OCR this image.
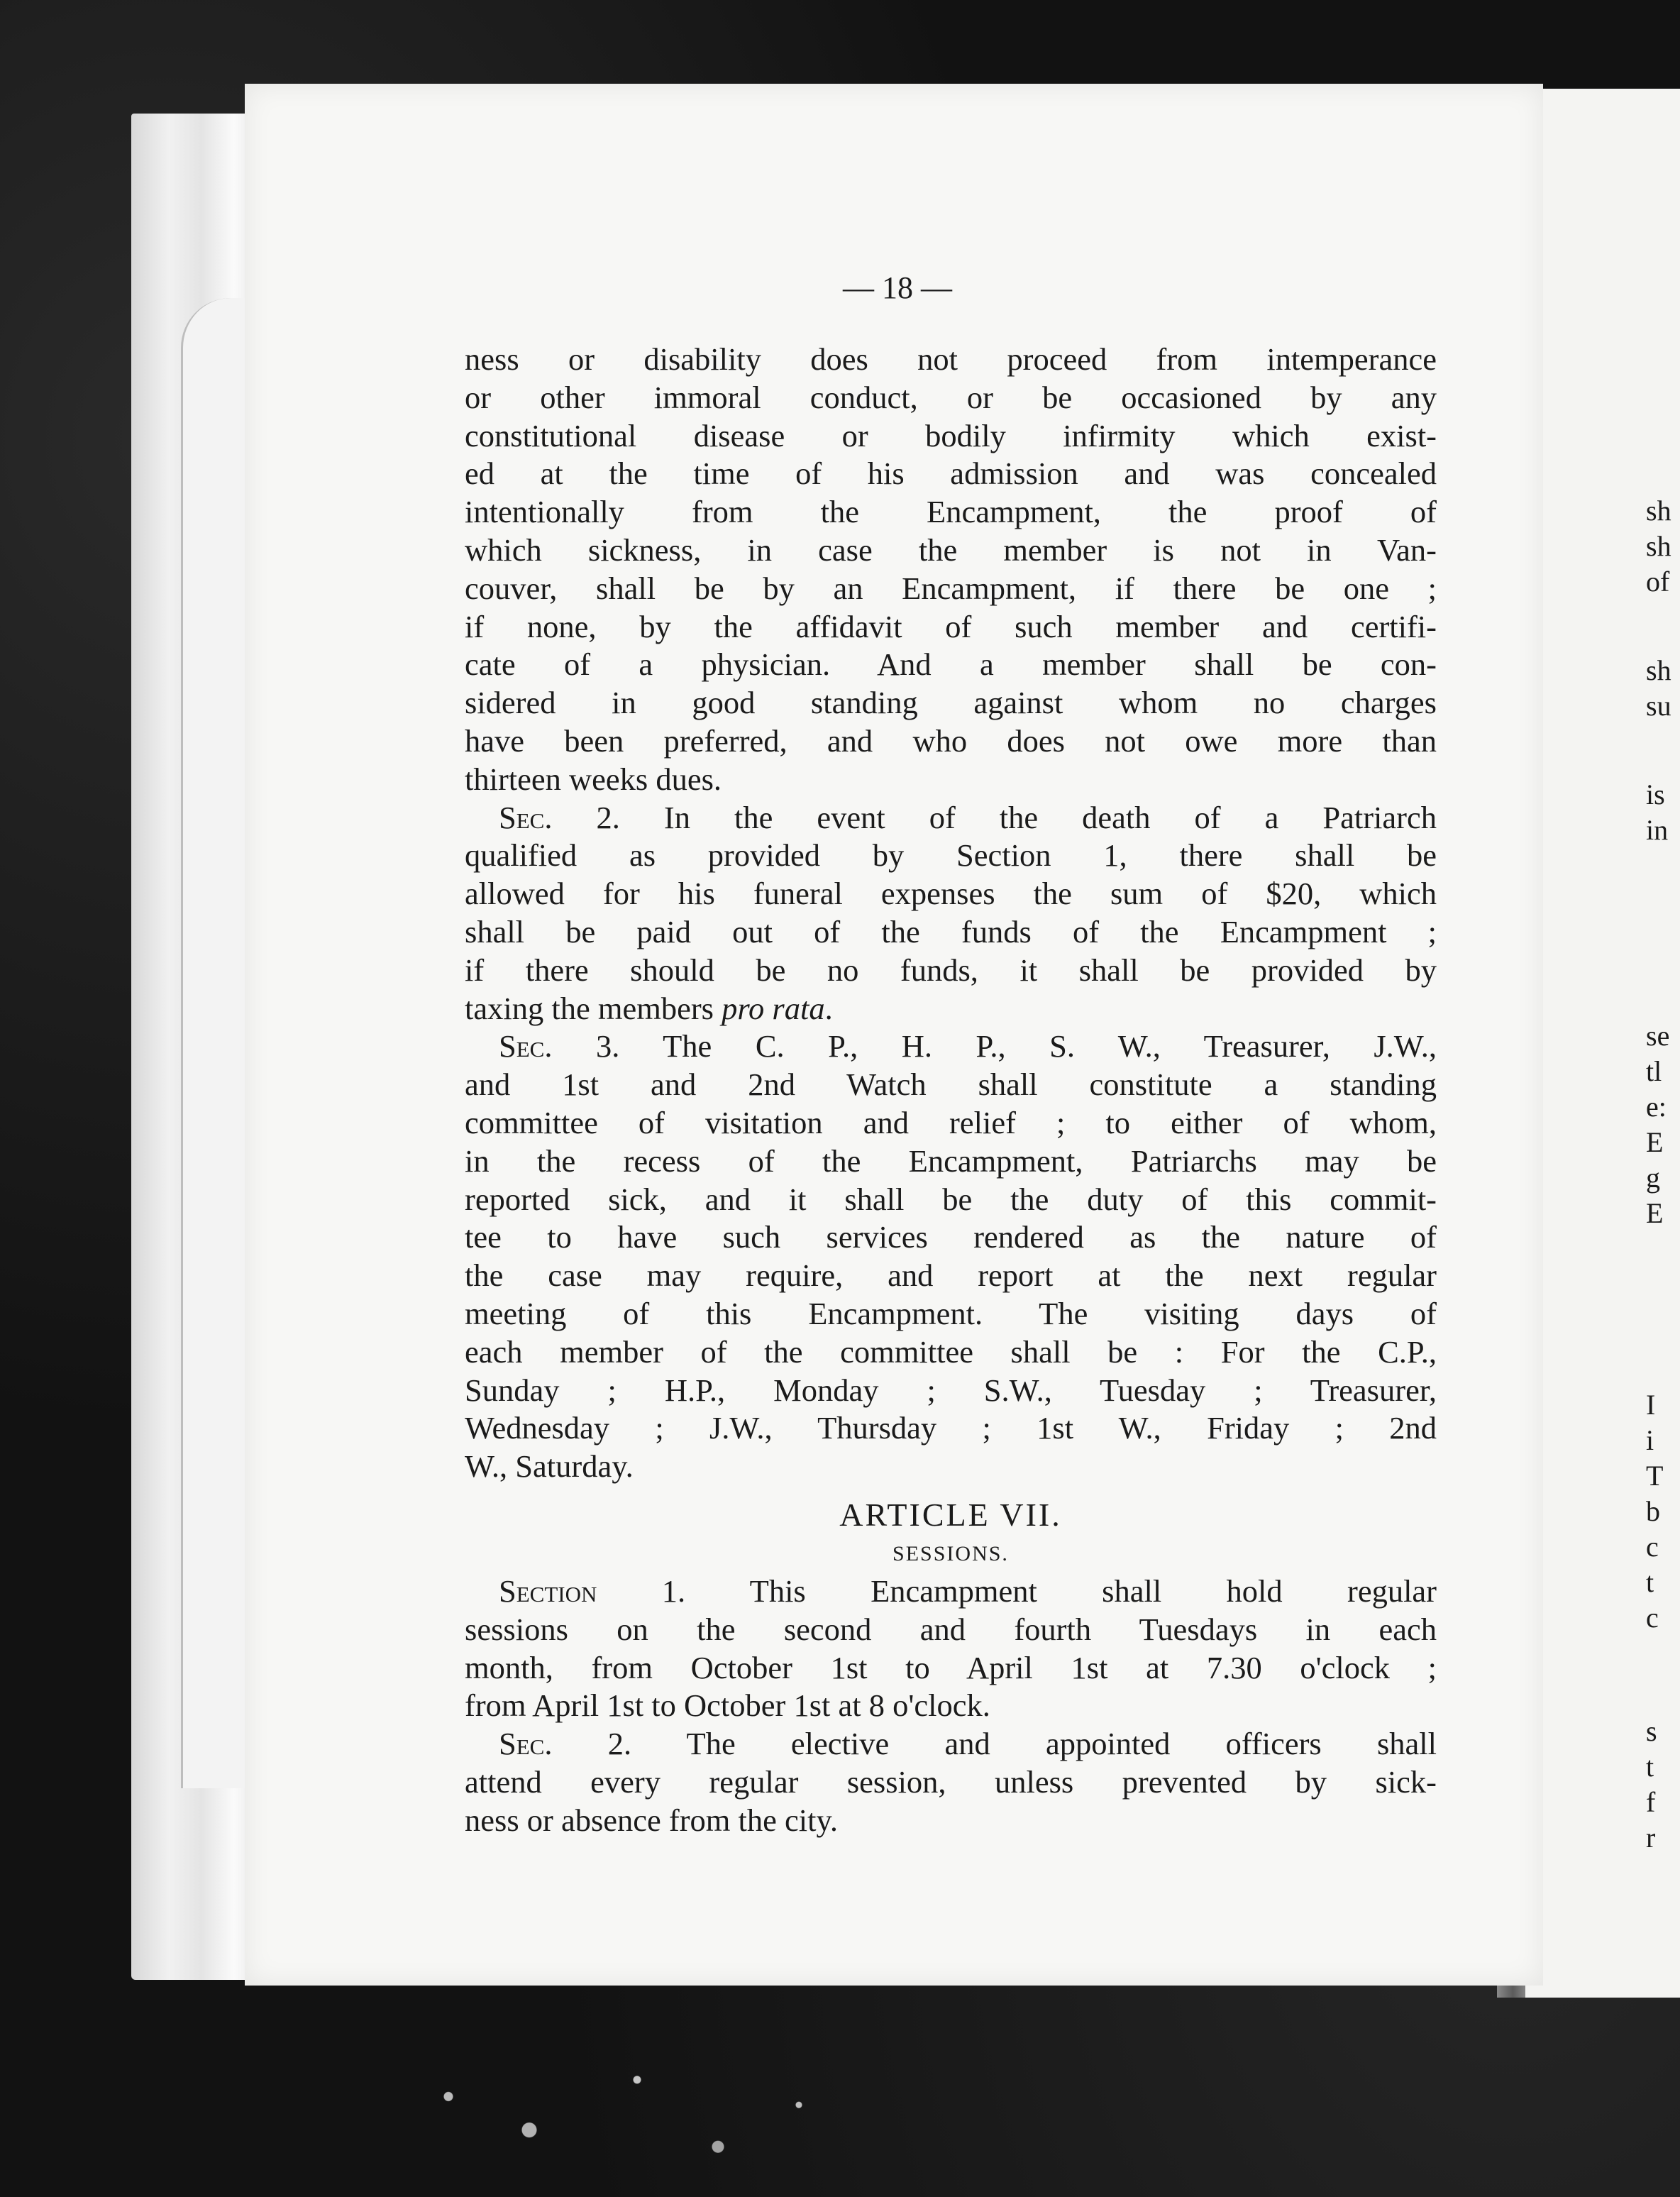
sh
sh
of
sh
su
is
in
se
tl
e:
E
g
E
I
i
T
b
c
t
c
s
t
f
r
— 18 —
ness or disability does not proceed from intemperance
or other immoral conduct, or be occasioned by any
constitutional disease or bodily infirmity which exist-
ed at the time of his admission and was concealed
intentionally from the Encampment, the proof of
which sickness, in case the member is not in Van-
couver, shall be by an Encampment, if there be one ;
if none, by the affidavit of such member and certifi-
cate of a physician. And a member shall be con-
sidered in good standing against whom no charges
have been preferred, and who does not owe more than
thirteen weeks dues.
Sec. 2. In the event of the death of a Patriarch
qualified as provided by Section 1, there shall be
allowed for his funeral expenses the sum of $20, which
shall be paid out of the funds of the Encampment ;
if there should be no funds, it shall be provided by
taxing the members pro rata.
Sec. 3. The C. P., H. P., S. W., Treasurer, J.W.,
and 1st and 2nd Watch shall constitute a standing
committee of visitation and relief ; to either of whom,
in the recess of the Encampment, Patriarchs may be
reported sick, and it shall be the duty of this commit-
tee to have such services rendered as the nature of
the case may require, and report at the next regular
meeting of this Encampment. The visiting days of
each member of the committee shall be : For the C.P.,
Sunday ; H.P., Monday ; S.W., Tuesday ; Treasurer,
Wednesday ; J.W., Thursday ; 1st W., Friday ; 2nd
W., Saturday.
ARTICLE VII.
SESSIONS.
Section 1. This Encampment shall hold regular
sessions on the second and fourth Tuesdays in each
month, from October 1st to April 1st at 7.30 o'clock ;
from April 1st to October 1st at 8 o'clock.
Sec. 2. The elective and appointed officers shall
attend every regular session, unless prevented by sick-
ness or absence from the city.
